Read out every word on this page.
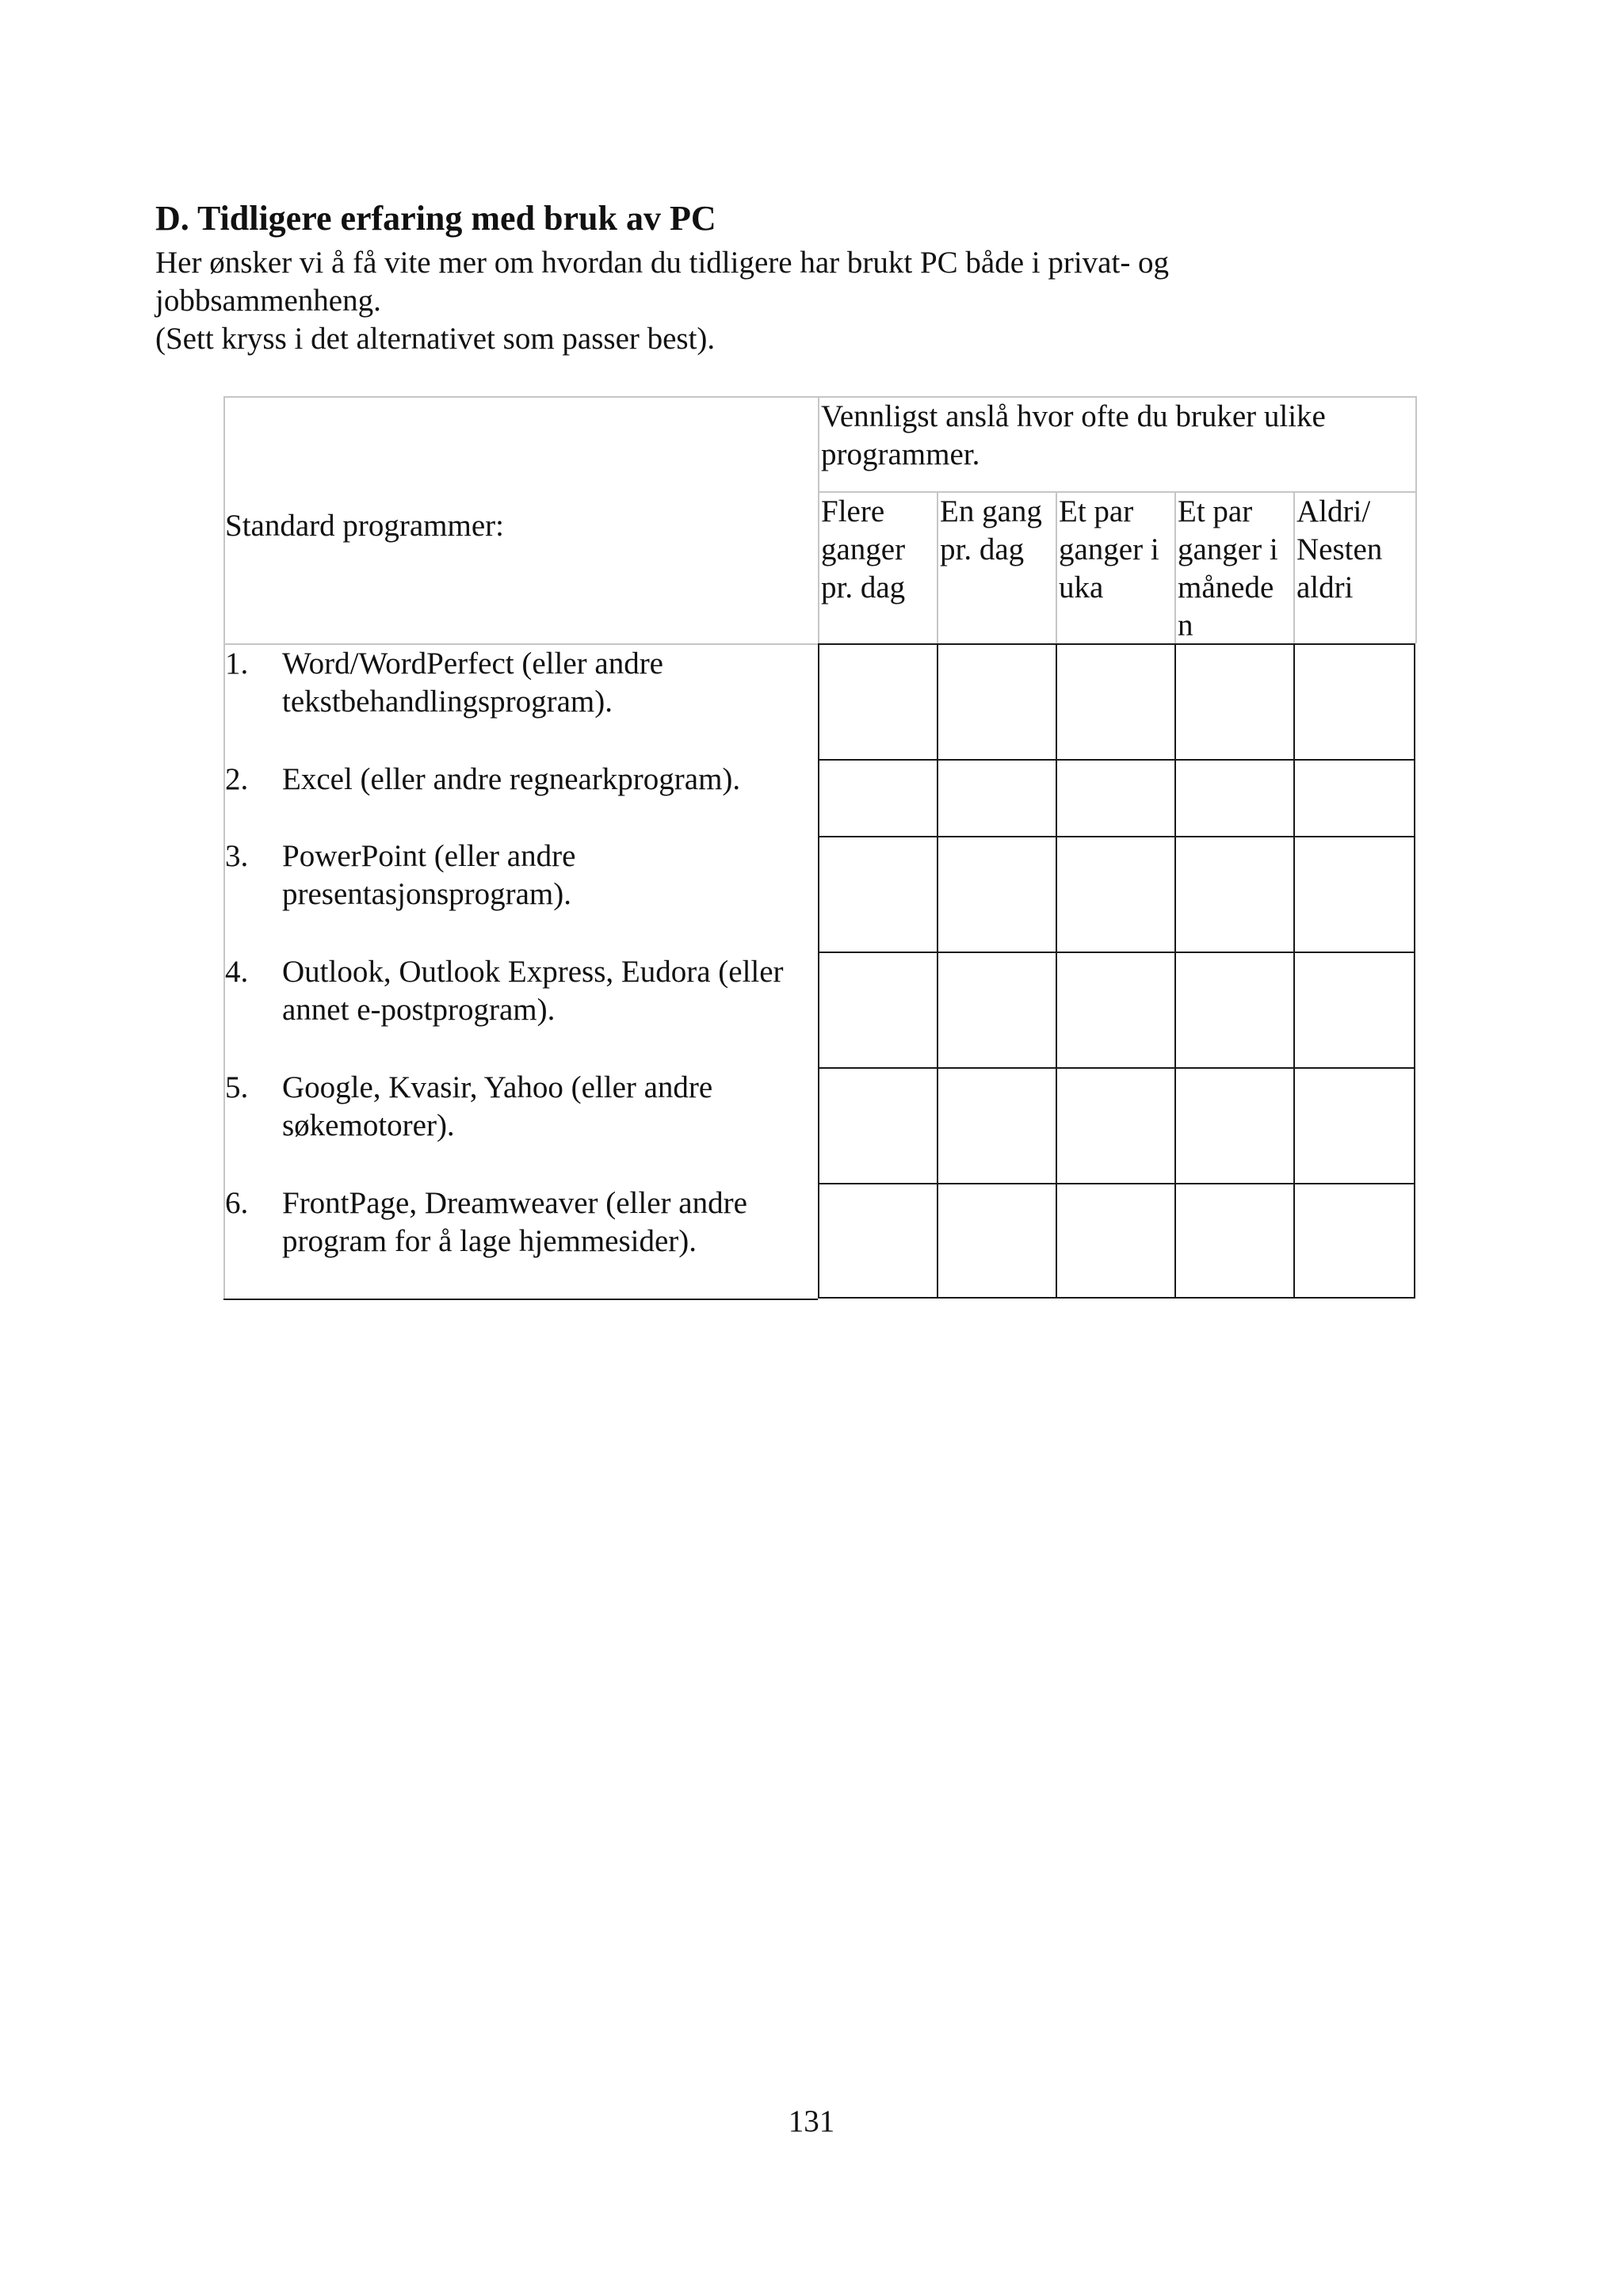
D. Tidligere erfaring med bruk av PC

Her ønsker vi å få vite mer om hvordan du tidligere har brukt PC både i privat- og

jobbsammenheng.

(Sett kryss i det alternativet som passer best).

Standard programmer:
Vennligst anslå hvor ofte du bruker ulike programmer.
Flere
ganger
pr. dag
En gang
pr. dag
Et par
ganger i
uka
Et par
ganger i
månede
n
Aldri/
Nesten
aldri
1. Word/WordPerfect (eller andre
tekstbehandlingsprogram).
2. Excel (eller andre regnearkprogram).
3. PowerPoint (eller andre
presentasjonsprogram).
4. Outlook, Outlook Express, Eudora (eller
annet e-postprogram).
5. Google, Kvasir, Yahoo (eller andre
søkemotorer).
6. FrontPage, Dreamweaver (eller andre
program for å lage hjemmesider).
131
